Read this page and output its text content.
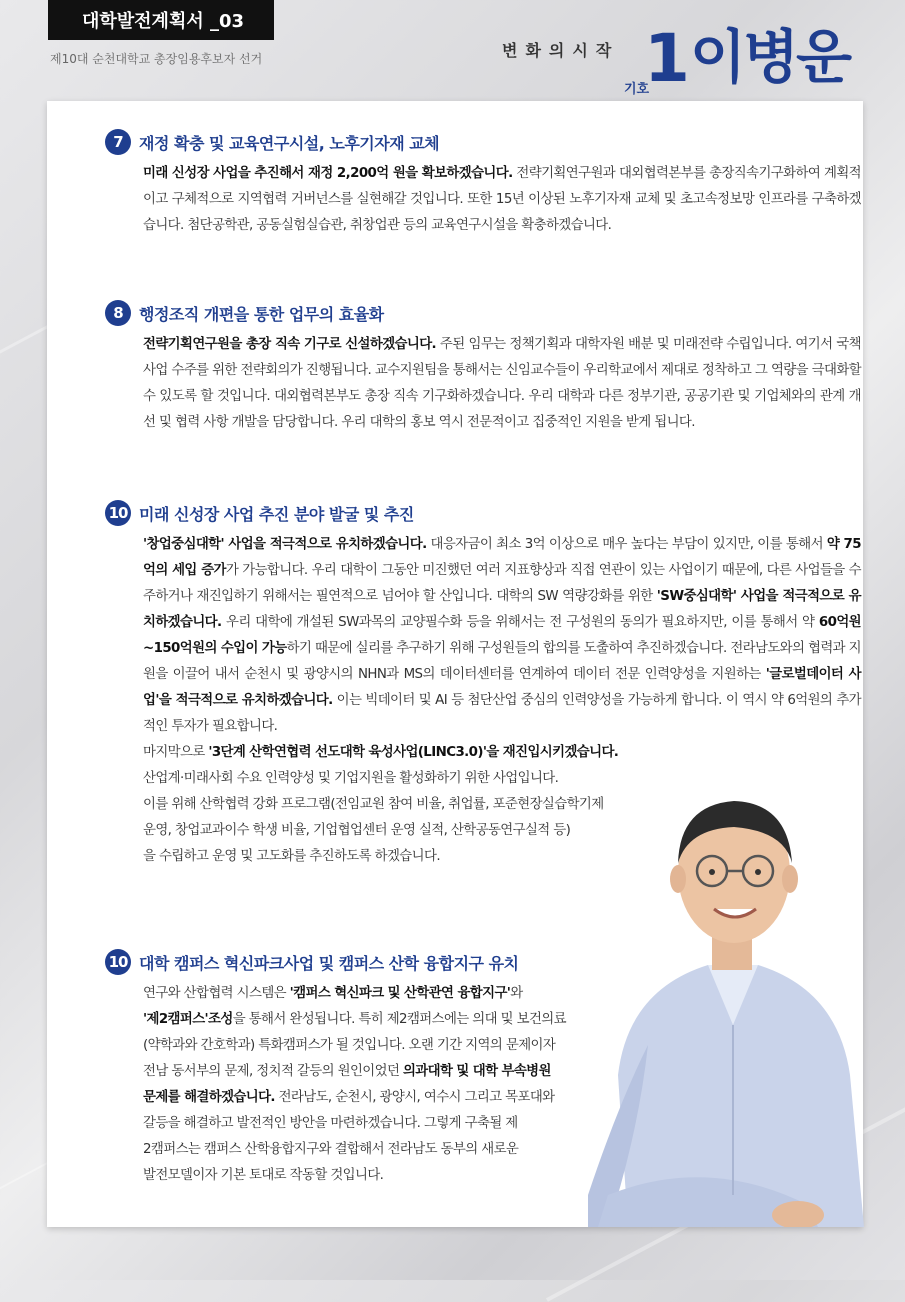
대학발전계획서 _03
제10대 순천대학교 총장임용후보자 선거	변화의시작
기호
1 이병운
7	재정 확충 및 교육연구시설, 노후기자재 교체
미래 신성장 사업을 추진해서 재정 2,200억 원을 확보하겠습니다. 전략기획연구원과 대외협력본부를 총장직속기구화하여 계획적이고 구체적으로 지역협력 거버넌스를 실현해갈 것입니다. 또한 15년 이상된 노후기자재 교체 및 초고속정보망 인프라를 구축하겠습니다. 첨단공학관, 공동실험실습관, 취창업관 등의 교육연구시설을 확충하겠습니다.
8	행정조직 개편을 통한 업무의 효율화
전략기획연구원을 총장 직속 기구로 신설하겠습니다. 주된 임무는 정책기획과 대학자원 배분 및 미래전략 수립입니다. 여기서 국책사업 수주를 위한 전략회의가 진행됩니다. 교수지원팀을 통해서는 신임교수들이 우리학교에서 제대로 정착하고 그 역량을 극대화할 수 있도록 할 것입니다. 대외협력본부도 총장 직속 기구화하겠습니다. 우리 대학과 다른 정부기관, 공공기관 및 기업체와의 관계 개선 및 협력 사항 개발을 담당합니다. 우리 대학의 홍보 역시 전문적이고 집중적인 지원을 받게 됩니다.
10 미래 신성장 사업 추진 분야 발굴 및 추진
'창업중심대학' 사업을 적극적으로 유치하겠습니다. 대응자금이 최소 3억 이상으로 매우 높다는 부담이 있지만, 이를 통해서 약 75억의 세입 증가가 가능합니다. 우리 대학이 그동안 미진했던 여러 지표향상과 직접 연관이 있는 사업이기 때문에, 다른 사업들을 수주하거나 재진입하기 위해서는 필연적으로 넘어야 할 산입니다. 대학의 SW 역량강화를 위한 'SW중심대학' 사업을 적극적으로 유치하겠습니다. 우리 대학에 개설된 SW과목의 교양필수화 등을 위해서는 전 구성원의 동의가 필요하지만, 이를 통해서 약 60억원~150억원의 수입이 가능하기 때문에 실리를 추구하기 위해 구성원들의 합의를 도출하여 추진하겠습니다. 전라남도와의 협력과 지원을 이끌어 내서 순천시 및 광양시의 NHN과 MS의 데이터센터를 연계하여 데이터 전문 인력양성을 지원하는 '글로벌데이터 사업'을 적극적으로 유치하겠습니다. 이는 빅데이터 및 AI 등 첨단산업 중심의 인력양성을 가능하게 합니다. 이 역시 약 6억원의 추가적인 투자가 필요합니다.
마지막으로 '3단계 산학연협력 선도대학 육성사업(LINC3.0)'을 재진입시키겠습니다.
산업계·미래사회 수요 인력양성 및 기업지원을 활성화하기 위한 사업입니다.
이를 위해 산학협력 강화 프로그램(전임교원 참여 비율, 취업률, 포준현장실습학기제
운영, 창업교과이수 학생 비율, 기업협업센터 운영 실적, 산학공동연구실적 등)
을 수립하고 운영 및 고도화를 추진하도록 하겠습니다.
10 대학 캠퍼스 혁신파크사업 및 캠퍼스 산학 융합지구 유치
연구와 산합협력 시스템은 '캠퍼스 혁신파크 및 산학관연 융합지구'와
'제2캠퍼스'조성을 통해서 완성됩니다. 특히 제2캠퍼스에는 의대 및 보건의료
(약학과와 간호학과) 특화캠퍼스가 될 것입니다. 오랜 기간 지역의 문제이자
전남 동서부의 문제, 정치적 갈등의 원인이었던 의과대학 및 대학 부속병원
문제를 해결하겠습니다. 전라남도, 순천시, 광양시, 여수시 그리고 목포대와
갈등을 해결하고 발전적인 방안을 마련하겠습니다. 그렇게 구축될 제
2캠퍼스는 캠퍼스 산학융합지구와 결합해서 전라남도 동부의 새로운
발전모델이자 기본 토대로 작동할 것입니다.
